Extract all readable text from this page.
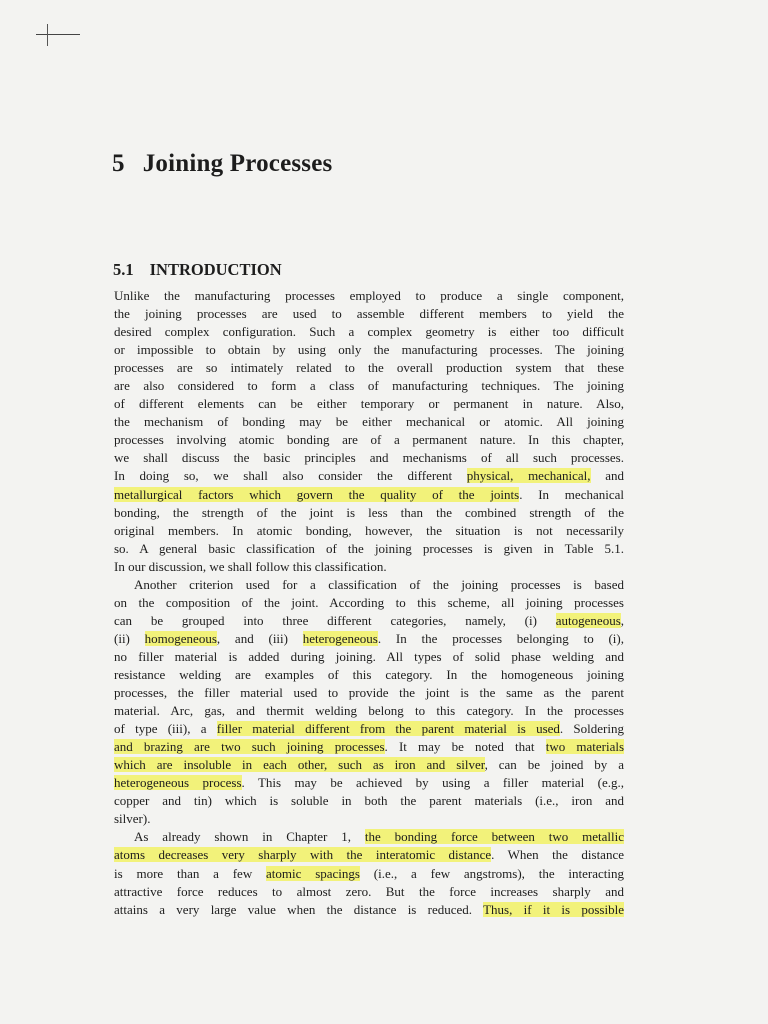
5 Joining Processes
5.1 INTRODUCTION
Unlike the manufacturing processes employed to produce a single component,
the joining processes are used to assemble different members to yield the
desired complex configuration. Such a complex geometry is either too difficult
or impossible to obtain by using only the manufacturing processes. The joining
processes are so intimately related to the overall production system that these
are also considered to form a class of manufacturing techniques. The joining
of different elements can be either temporary or permanent in nature. Also,
the mechanism of bonding may be either mechanical or atomic. All joining
processes involving atomic bonding are of a permanent nature. In this chapter,
we shall discuss the basic principles and mechanisms of all such processes.
In doing so, we shall also consider the different physical, mechanical, and
metallurgical factors which govern the quality of the joints. In mechanical
bonding, the strength of the joint is less than the combined strength of the
original members. In atomic bonding, however, the situation is not necessarily
so. A general basic classification of the joining processes is given in Table 5.1.
In our discussion, we shall follow this classification.
Another criterion used for a classification of the joining processes is based
on the composition of the joint. According to this scheme, all joining processes
can be grouped into three different categories, namely, (i) autogeneous,
(ii) homogeneous, and (iii) heterogeneous. In the processes belonging to (i),
no filler material is added during joining. All types of solid phase welding and
resistance welding are examples of this category. In the homogeneous joining
processes, the filler material used to provide the joint is the same as the parent
material. Arc, gas, and thermit welding belong to this category. In the processes
of type (iii), a filler material different from the parent material is used. Soldering
and brazing are two such joining processes. It may be noted that two materials
which are insoluble in each other, such as iron and silver, can be joined by a
heterogeneous process. This may be achieved by using a filler material (e.g.,
copper and tin) which is soluble in both the parent materials (i.e., iron and
silver).
As already shown in Chapter 1, the bonding force between two metallic
atoms decreases very sharply with the interatomic distance. When the distance
is more than a few atomic spacings (i.e., a few angstroms), the interacting
attractive force reduces to almost zero. But the force increases sharply and
attains a very large value when the distance is reduced. Thus, if it is possible
